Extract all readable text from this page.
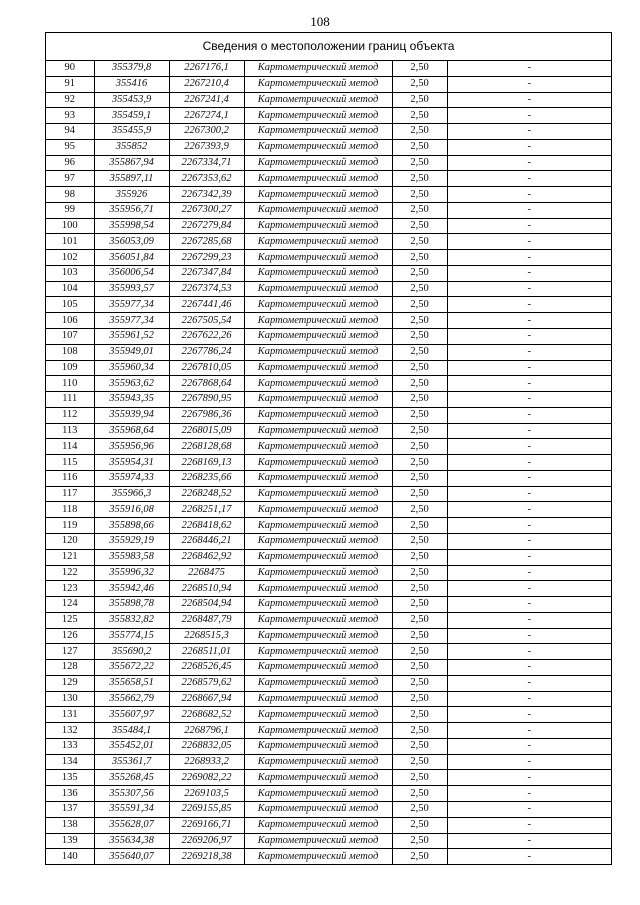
108
Сведения о местоположении границ объекта
90	355379,8	2267176,1	Картометрический метод	2,50	-
91	355416	2267210,4	Картометрический метод	2,50	-
92	355453,9	2267241,4	Картометрический метод	2,50	-
93	355459,1	2267274,1	Картометрический метод	2,50	-
94	355455,9	2267300,2	Картометрический метод	2,50	-
95	355852	2267393,9	Картометрический метод	2,50	-
96	355867,94	2267334,71	Картометрический метод	2,50	-
97	355897,11	2267353,62	Картометрический метод	2,50	-
98	355926	2267342,39	Картометрический метод	2,50	-
99	355956,71	2267300,27	Картометрический метод	2,50	-
100	355998,54	2267279,84	Картометрический метод	2,50	-
101	356053,09	2267285,68	Картометрический метод	2,50	-
102	356051,84	2267299,23	Картометрический метод	2,50	-
103	356006,54	2267347,84	Картометрический метод	2,50	-
104	355993,57	2267374,53	Картометрический метод	2,50	-
105	355977,34	2267441,46	Картометрический метод	2,50	-
106	355977,34	2267505,54	Картометрический метод	2,50	-
107	355961,52	2267622,26	Картометрический метод	2,50	-
108	355949,01	2267786,24	Картометрический метод	2,50	-
109	355960,34	2267810,05	Картометрический метод	2,50	-
110	355963,62	2267868,64	Картометрический метод	2,50	-
111	355943,35	2267890,95	Картометрический метод	2,50	-
112	355939,94	2267986,36	Картометрический метод	2,50	-
113	355968,64	2268015,09	Картометрический метод	2,50	-
114	355956,96	2268128,68	Картометрический метод	2,50	-
115	355954,31	2268169,13	Картометрический метод	2,50	-
116	355974,33	2268235,66	Картометрический метод	2,50	-
117	355966,3	2268248,52	Картометрический метод	2,50	-
118	355916,08	2268251,17	Картометрический метод	2,50	-
119	355898,66	2268418,62	Картометрический метод	2,50	-
120	355929,19	2268446,21	Картометрический метод	2,50	-
121	355983,58	2268462,92	Картометрический метод	2,50	-
122	355996,32	2268475	Картометрический метод	2,50	-
123	355942,46	2268510,94	Картометрический метод	2,50	-
124	355898,78	2268504,94	Картометрический метод	2,50	-
125	355832,82	2268487,79	Картометрический метод	2,50	-
126	355774,15	2268515,3	Картометрический метод	2,50	-
127	355690,2	2268511,01	Картометрический метод	2,50	-
128	355672,22	2268526,45	Картометрический метод	2,50	-
129	355658,51	2268579,62	Картометрический метод	2,50	-
130	355662,79	2268667,94	Картометрический метод	2,50	-
131	355607,97	2268682,52	Картометрический метод	2,50	-
132	355484,1	2268796,1	Картометрический метод	2,50	-
133	355452,01	2268832,05	Картометрический метод	2,50	-
134	355361,7	2268933,2	Картометрический метод	2,50	-
135	355268,45	2269082,22	Картометрический метод	2,50	-
136	355307,56	2269103,5	Картометрический метод	2,50	-
137	355591,34	2269155,85	Картометрический метод	2,50	-
138	355628,07	2269166,71	Картометрический метод	2,50	-
139	355634,38	2269206,97	Картометрический метод	2,50	-
140	355640,07	2269218,38	Картометрический метод	2,50	-
